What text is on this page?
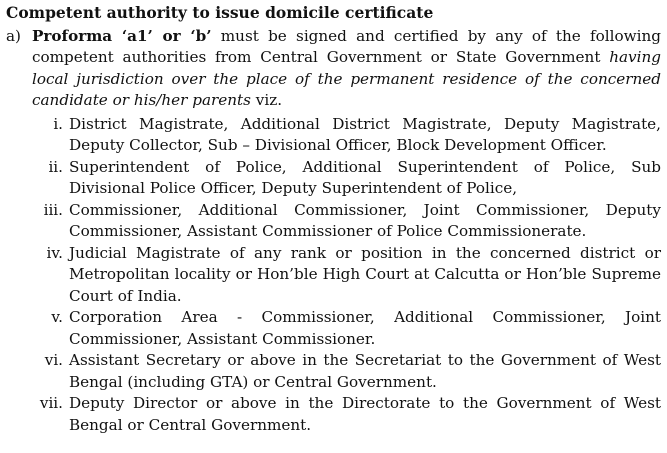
Competent authority to issue domicile certificate
a) Proforma ‘a1’ or ‘b’ must be signed and certified by any of the following competent authorities from Central Government or State Government having local jurisdiction over the place of the permanent residence of the concerned candidate or his/her parents viz.
i. District Magistrate, Additional District Magistrate, Deputy Magistrate, Deputy Collector, Sub – Divisional Officer, Block Development Officer.
ii. Superintendent of Police, Additional Superintendent of Police, Sub Divisional Police Officer, Deputy Superintendent of Police,
iii. Commissioner, Additional Commissioner, Joint Commissioner, Deputy Commissioner, Assistant Commissioner of Police Commissionerate.
iv. Judicial Magistrate of any rank or position in the concerned district or Metropolitan locality or Hon’ble High Court at Calcutta or Hon’ble Supreme Court of India.
v. Corporation Area - Commissioner, Additional Commissioner, Joint Commissioner, Assistant Commissioner.
vi. Assistant Secretary or above in the Secretariat to the Government of West Bengal (including GTA) or Central Government.
vii. Deputy Director or above in the Directorate to the Government of West Bengal or Central Government.
